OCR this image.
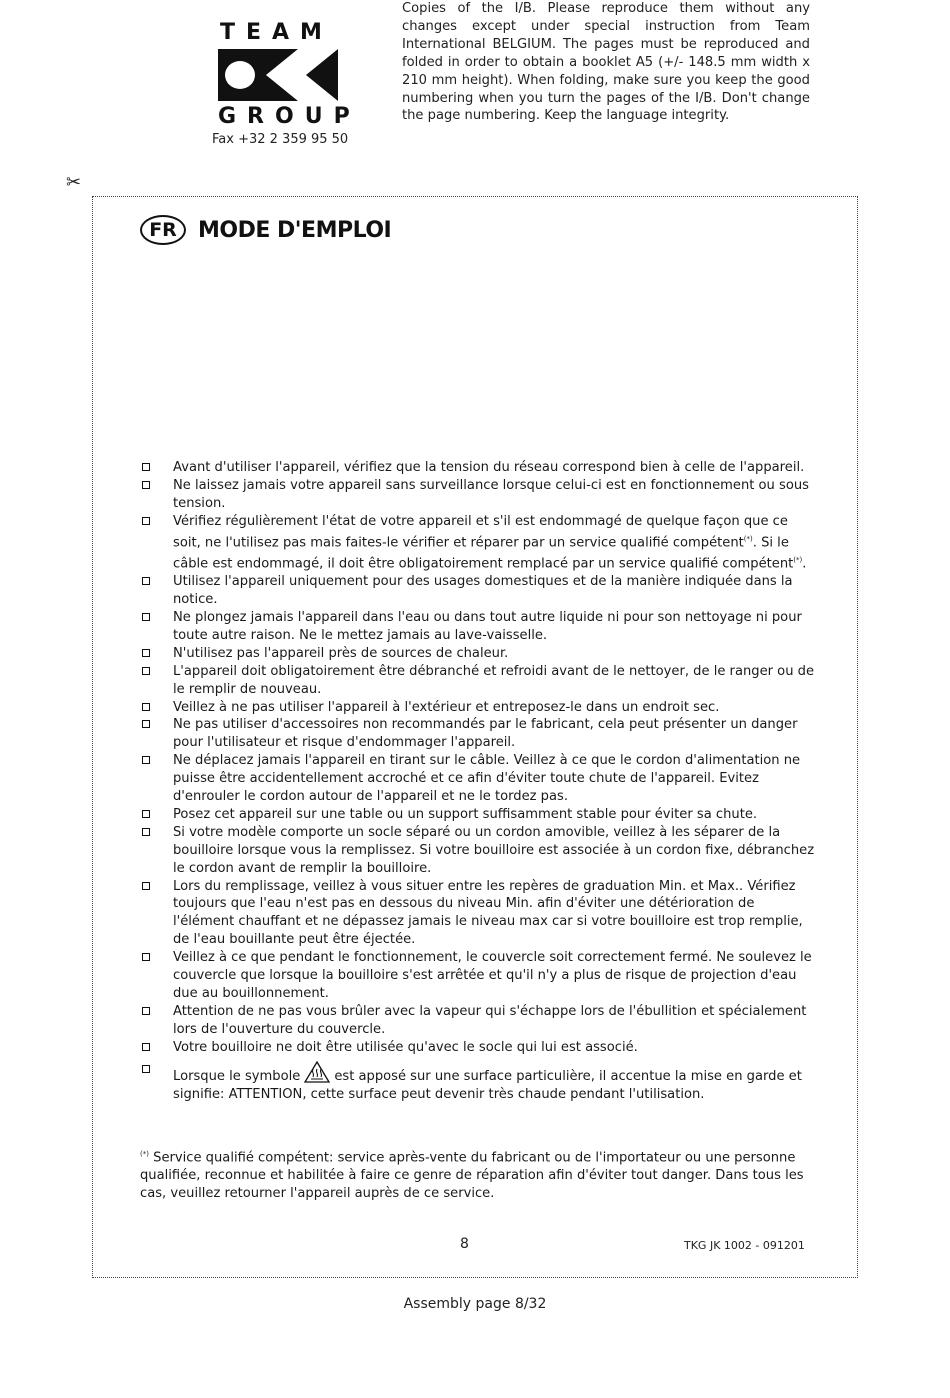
TEAM
GROUP
Fax +32 2 359 95 50
Copies of the I/B. Please reproduce them without any changes except under special instruction from Team International BELGIUM. The pages must be reproduced and folded in order to obtain a booklet A5 (+/- 148.5 mm width x 210 mm height). When folding, make sure you keep the good numbering when you turn the pages of the I/B. Don't change the page numbering. Keep the language integrity.
✂
FR MODE D'EMPLOI
Avant d'utiliser l'appareil, vérifiez que la tension du réseau correspond bien à celle de l'appareil.
Ne laissez jamais votre appareil sans surveillance lorsque celui-ci est en fonctionnement ou sous tension.
Vérifiez régulièrement l'état de votre appareil et s'il est endommagé de quelque façon que ce soit, ne l'utilisez pas mais faites-le vérifier et réparer par un service qualifié compétent(*). Si le câble est endommagé, il doit être obligatoirement remplacé par un service qualifié compétent(*).
Utilisez l'appareil uniquement pour des usages domestiques et de la manière indiquée dans la notice.
Ne plongez jamais l'appareil dans l'eau ou dans tout autre liquide ni pour son nettoyage ni pour toute autre raison. Ne le mettez jamais au lave-vaisselle.
N'utilisez pas l'appareil près de sources de chaleur.
L'appareil doit obligatoirement être débranché et refroidi avant de le nettoyer, de le ranger ou de le remplir de nouveau.
Veillez à ne pas utiliser l'appareil à l'extérieur et entreposez-le dans un endroit sec.
Ne pas utiliser d'accessoires non recommandés par le fabricant, cela peut présenter un danger pour l'utilisateur et risque d'endommager l'appareil.
Ne déplacez jamais l'appareil en tirant sur le câble. Veillez à ce que le cordon d'alimentation ne puisse être accidentellement accroché et ce afin d'éviter toute chute de l'appareil. Evitez d'enrouler le cordon autour de l'appareil et ne le tordez pas.
Posez cet appareil sur une table ou un support suffisamment stable pour éviter sa chute.
Si votre modèle comporte un socle séparé ou un cordon amovible, veillez à les séparer de la bouilloire lorsque vous la remplissez. Si votre bouilloire est associée à un cordon fixe, débranchez le cordon avant de remplir la bouilloire.
Lors du remplissage, veillez à vous situer entre les repères de graduation Min. et Max.. Vérifiez toujours que l'eau n'est pas en dessous du niveau Min. afin d'éviter une détérioration de l'élément chauffant et ne dépassez jamais le niveau max car si votre bouilloire est trop remplie, de l'eau bouillante peut être éjectée.
Veillez à ce que pendant le fonctionnement, le couvercle soit correctement fermé. Ne soulevez le couvercle que lorsque la bouilloire s'est arrêtée et qu'il n'y a plus de risque de projection d'eau due au bouillonnement.
Attention de ne pas vous brûler avec la vapeur qui s'échappe lors de l'ébullition et spécialement lors de l'ouverture du couvercle.
Votre bouilloire ne doit être utilisée qu'avec le socle qui lui est associé.
Lorsque le symbole	est apposé sur une surface particulière, il accentue la mise en garde et signifie: ATTENTION, cette surface peut devenir très chaude pendant l'utilisation.
(*) Service qualifié compétent: service après-vente du fabricant ou de l'importateur ou une personne qualifiée, reconnue et habilitée à faire ce genre de réparation afin d'éviter tout danger. Dans tous les cas, veuillez retourner l'appareil auprès de ce service.
8	TKG JK 1002 - 091201
Assembly page 8/32
